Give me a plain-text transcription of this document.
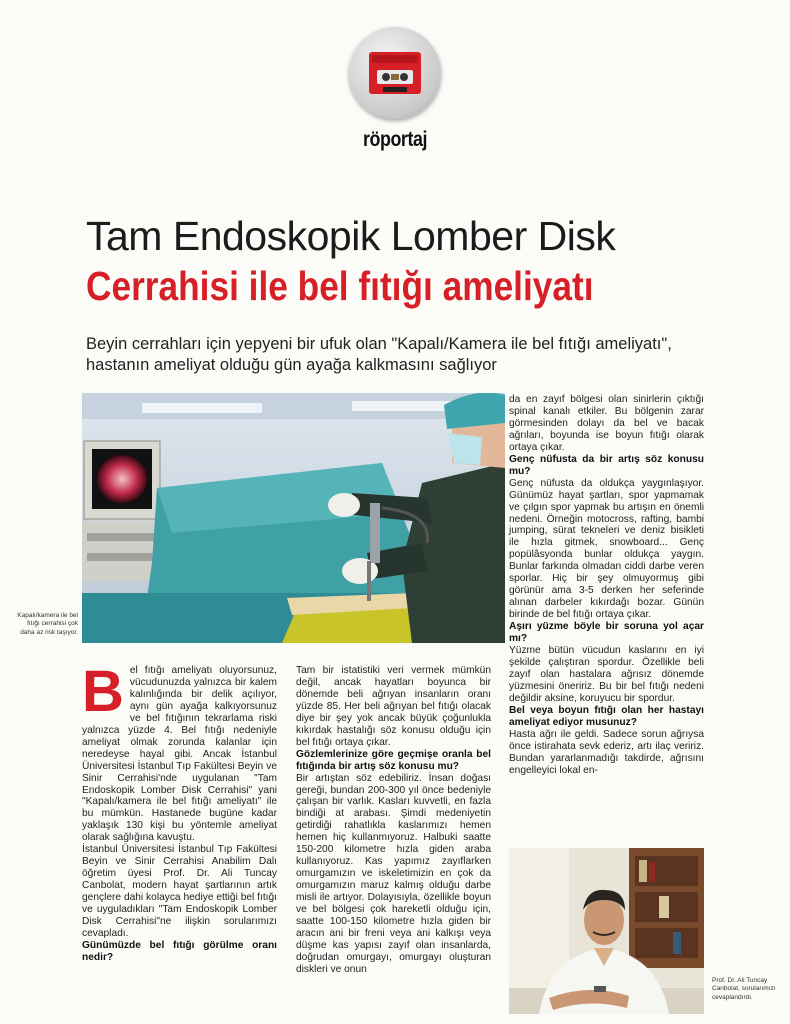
röportaj
Tam Endoskopik Lomber Disk
Cerrahisi ile bel fıtığı ameliyatı
Beyin cerrahları için yepyeni bir ufuk olan "Kapalı/Kamera ile bel fıtığı ameliyatı", hastanın ameliyat olduğu gün ayağa kalkmasını sağlıyor
Kapalı/kamera ile bel fıtığı cerrahisi çok daha az risk taşıyor.
B el fıtığı ameliyatı oluyorsunuz, vücudunuzda yalnızca bir kalem kalınlığında bir delik açılıyor, aynı gün ayağa kalkıyorsunuz ve bel fıtığının tekrarlama riski yalnızca yüzde 4. Bel fıtığı nedeniyle ameliyat olmak zorunda kalanlar için neredeyse hayal gibi. Ancak İstanbul Üniversitesi İstanbul Tıp Fakültesi Beyin ve Sinir Cerrahisi'nde uygulanan "Tam Endoskopik Lomber Disk Cerrahisi" yani "Kapalı/kamera ile bel fıtığı ameliyatı" ile bu mümkün. Hastanede bugüne kadar yaklaşık 130 kişi bu yöntemle ameliyat olarak sağlığına kavuştu.

İstanbul Üniversitesi İstanbul Tıp Fakültesi Beyin ve Sinir Cerrahisi Anabilim Dalı öğretim üyesi Prof. Dr. Ali Tuncay Canbolat, modern hayat şartlarının artık gençlere dahi kolayca hediye ettiği bel fıtığı ve uyguladıkları "Tam Endoskopik Lomber Disk Cerrahisi"ne ilişkin sorularımızı cevapladı.

Günümüzde bel fıtığı görülme oranı nedir?

Tam bir istatistiki veri vermek mümkün değil, ancak hayatları boyunca bir dönemde beli ağrıyan insanların oranı yüzde 85. Her beli ağrıyan bel fıtığı olacak diye bir şey yok ancak büyük çoğunlukla kıkırdak hastalığı söz konusu olduğu için bel fıtığı ortaya çıkar.

Gözlemlerinize göre geçmişe oranla bel fıtığında bir artış söz konusu mu?

Bir artıştan söz edebiliriz. İnsan doğası gereği, bundan 200-300 yıl önce bedeniyle çalışan bir varlık. Kasları kuvvetli, en fazla bindiği at arabası. Şimdi medeniyetin getirdiği rahatlıkla kaslarımızı hemen hemen hiç kullanmıyoruz. Halbuki saatte 150-200 kilometre hızla giden araba kullanıyoruz. Kas yapımız zayıflarken omurgamızın ve iskeletimizin en çok da omurgamızın maruz kalmış olduğu darbe misli ile artıyor. Dolayısıyla, özellikle boyun ve bel bölgesi çok hareketli olduğu için, saatte 100-150 kilometre hızla giden bir aracın ani bir freni veya ani kalkışı veya düşme kas yapısı zayıf olan insanlarda, doğrudan omurgayı, omurgayı oluşturan diskleri ve onun

da en zayıf bölgesi olan sinirlerin çıktığı spinal kanalı etkiler. Bu bölgenin zarar görmesinden dolayı da bel ve bacak ağrıları, boyunda ise boyun fıtığı olarak ortaya çıkar.

Genç nüfusta da bir artış söz konusu mu?

Genç nüfusta da oldukça yaygınlaşıyor. Günümüz hayat şartları, spor yapmamak ve çılgın spor yapmak bu artışın en önemli nedeni. Örneğin motocross, rafting, bambi jumping, sürat tekneleri ve deniz bisikleti ile hızla gitmek, snowboard... Genç popülâsyonda bunlar oldukça yaygın. Bunlar farkında olmadan ciddi darbe veren sporlar. Hiç bir şey olmuyormuş gibi görünür ama 3-5 derken her seferinde alınan darbeler kıkırdağı bozar. Günün birinde de bel fıtığı ortaya çıkar.

Aşırı yüzme böyle bir soruna yol açar mı?

Yüzme bütün vücudun kaslarını en iyi şekilde çalıştıran spordur. Özellikle beli zayıf olan hastalara ağrısız dönemde yüzmesini öneririz. Bu bir bel fıtığı nedeni değildir aksine, koruyucu bir spordur.

Bel veya boyun fıtığı olan her hastayı ameliyat ediyor musunuz?

Hasta ağrı ile geldi. Sadece sorun ağrıysa önce istirahata sevk ederiz, artı ilaç veririz. Bundan yararlanmadığı takdirde, ağrısını engelleyici lokal en-

Prof. Dr. Ali Tuncay Canbolat, sorularımızı cevaplandırdı.
